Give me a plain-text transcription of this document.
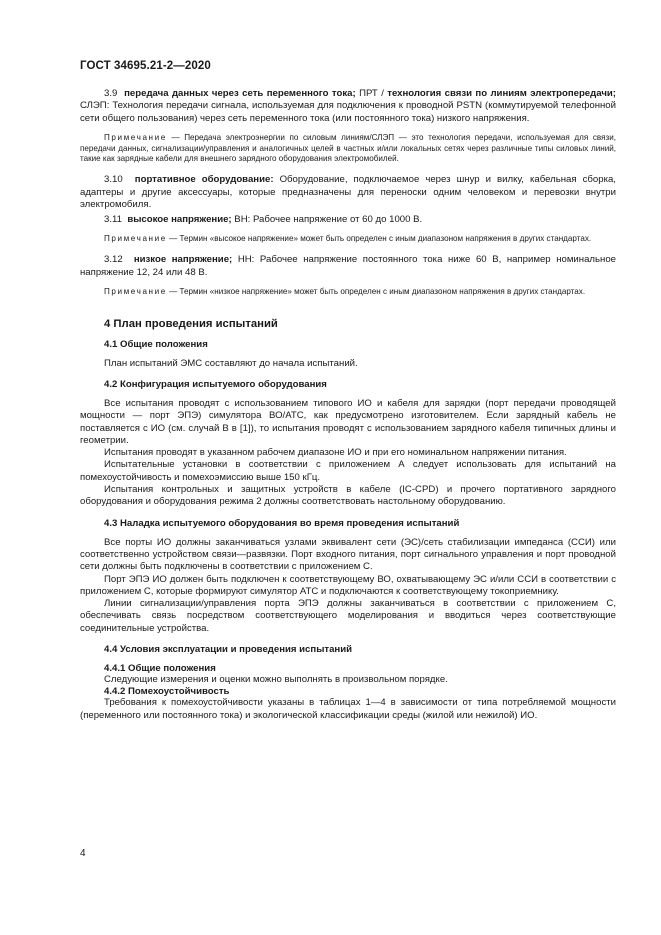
ГОСТ 34695.21-2—2020

3.9 передача данных через сеть переменного тока; ПРТ / технология связи по линиям электропередачи; СЛЭП: Технология передачи сигнала, используемая для подключения к проводной PSTN (коммутируемой телефонной сети общего пользования) через сеть переменного тока (или постоянного тока) низкого напряжения.

Примечание — Передача электроэнергии по силовым линиям/СЛЭП — это технология передачи, используемая для связи, передачи данных, сигнализации/управления и аналогичных целей в частных и/или локальных сетях через различные типы силовых линий, такие как зарядные кабели для внешнего зарядного оборудования электромобилей.

3.10 портативное оборудование: Оборудование, подключаемое через шнур и вилку, кабельная сборка, адаптеры и другие аксессуары, которые предназначены для переноски одним человеком и перевозки внутри электромобиля.

3.11 высокое напряжение; ВН: Рабочее напряжение от 60 до 1000 В.

Примечание — Термин «высокое напряжение» может быть определен с иным диапазоном напряжения в других стандартах.

3.12 низкое напряжение; НН: Рабочее напряжение постоянного тока ниже 60 В, например номинальное напряжение 12, 24 или 48 В.

Примечание — Термин «низкое напряжение» может быть определен с иным диапазоном напряжения в других стандартах.

4 План проведения испытаний

4.1 Общие положения

План испытаний ЭМС составляют до начала испытаний.

4.2 Конфигурация испытуемого оборудования

Все испытания проводят с использованием типового ИО и кабеля для зарядки (порт передачи проводящей мощности — порт ЭПЭ) симулятора ВО/АТС, как предусмотрено изготовителем. Если зарядный кабель не поставляется с ИО (см. случай В в [1]), то испытания проводят с использованием зарядного кабеля типичных длины и геометрии.

Испытания проводят в указанном рабочем диапазоне ИО и при его номинальном напряжении питания.

Испытательные установки в соответствии с приложением А следует использовать для испытаний на помехоустойчивость и помехоэмиссию выше 150 кГц.

Испытания контрольных и защитных устройств в кабеле (IC-CPD) и прочего портативного зарядного оборудования и оборудования режима 2 должны соответствовать настольному оборудованию.

4.3 Наладка испытуемого оборудования во время проведения испытаний

Все порты ИО должны заканчиваться узлами эквивалент сети (ЭС)/сеть стабилизации импеданса (ССИ) или соответственно устройством связи—развязки. Порт входного питания, порт сигнального управления и порт проводной сети должны быть подключены в соответствии с приложением С.

Порт ЭПЭ ИО должен быть подключен к соответствующему ВО, охватывающему ЭС и/или ССИ в соответствии с приложением С, которые формируют симулятор АТС и подключаются к соответствующему токоприемнику.

Линии сигнализации/управления порта ЭПЭ должны заканчиваться в соответствии с приложением С, обеспечивать связь посредством соответствующего моделирования и вводиться через соответствующие соединительные устройства.

4.4 Условия эксплуатации и проведения испытаний

4.4.1 Общие положения

Следующие измерения и оценки можно выполнять в произвольном порядке.

4.4.2 Помехоустойчивость

Требования к помехоустойчивости указаны в таблицах 1—4 в зависимости от типа потребляемой мощности (переменного или постоянного тока) и экологической классификации среды (жилой или нежилой) ИО.

4
